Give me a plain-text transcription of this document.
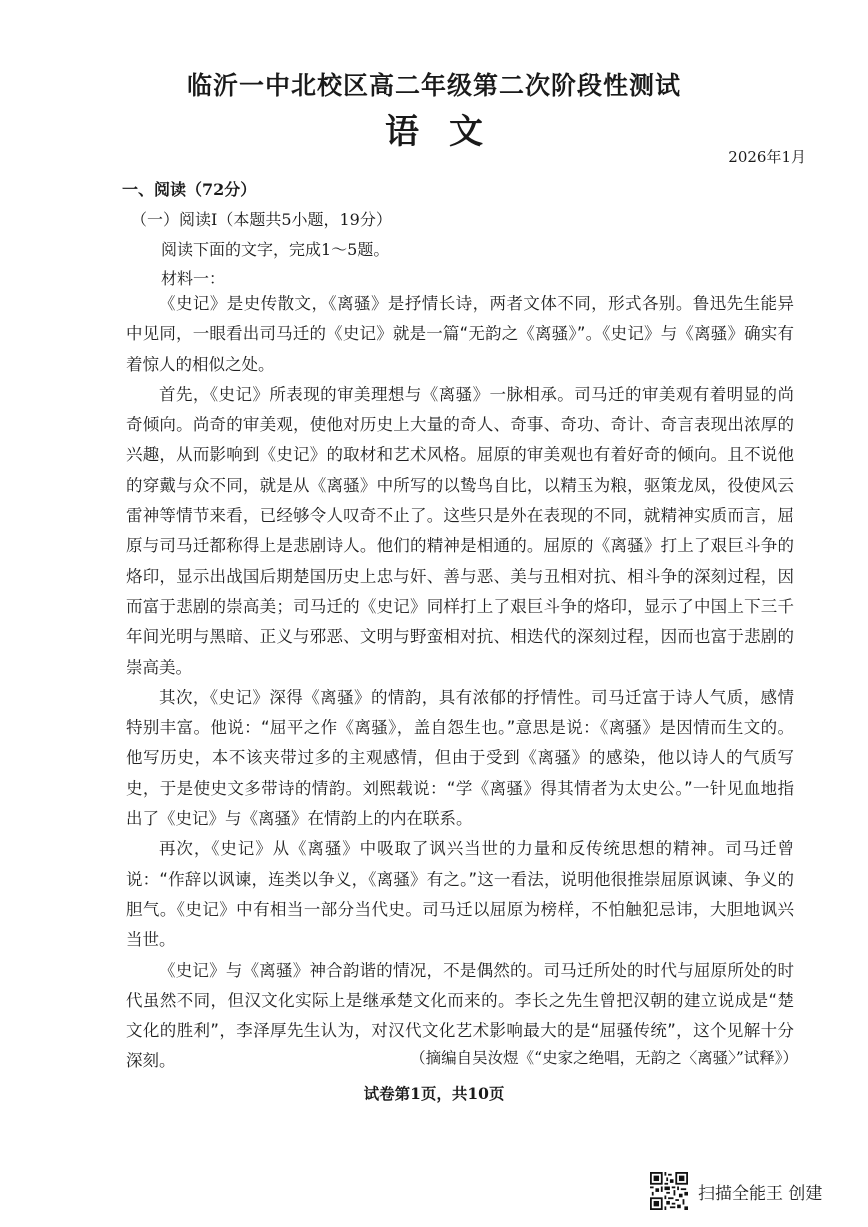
临沂一中北校区高二年级第二次阶段性测试
语文
2026年1月
一、阅读（72分）
（一）阅读Ⅰ（本题共5小题，19分）
阅读下面的文字，完成1～5题。
材料一：

《史记》是史传散文，《离骚》是抒情长诗，两者文体不同，形式各别。鲁迅先生能异中见同，一眼看出司马迁的《史记》就是一篇“无韵之《离骚》”。《史记》与《离骚》确实有着惊人的相似之处。

首先，《史记》所表现的审美理想与《离骚》一脉相承。司马迁的审美观有着明显的尚奇倾向。尚奇的审美观，使他对历史上大量的奇人、奇事、奇功、奇计、奇言表现出浓厚的兴趣，从而影响到《史记》的取材和艺术风格。屈原的审美观也有着好奇的倾向。且不说他的穿戴与众不同，就是从《离骚》中所写的以鸷鸟自比，以精玉为粮，驱策龙凤，役使风云雷神等情节来看，已经够令人叹奇不止了。这些只是外在表现的不同，就精神实质而言，屈原与司马迁都称得上是悲剧诗人。他们的精神是相通的。屈原的《离骚》打上了艰巨斗争的烙印，显示出战国后期楚国历史上忠与奸、善与恶、美与丑相对抗、相斗争的深刻过程，因而富于悲剧的崇高美；司马迁的《史记》同样打上了艰巨斗争的烙印，显示了中国上下三千年间光明与黑暗、正义与邪恶、文明与野蛮相对抗、相迭代的深刻过程，因而也富于悲剧的崇高美。

其次，《史记》深得《离骚》的情韵，具有浓郁的抒情性。司马迁富于诗人气质，感情特别丰富。他说：“屈平之作《离骚》，盖自怨生也。”意思是说：《离骚》是因情而生文的。他写历史，本不该夹带过多的主观感情，但由于受到《离骚》的感染，他以诗人的气质写史，于是使史文多带诗的情韵。刘熙载说：“学《离骚》得其情者为太史公。”一针见血地指出了《史记》与《离骚》在情韵上的内在联系。

再次，《史记》从《离骚》中吸取了讽兴当世的力量和反传统思想的精神。司马迁曾说：“作辞以讽谏，连类以争义，《离骚》有之。”这一看法，说明他很推崇屈原讽谏、争义的胆气。《史记》中有相当一部分当代史。司马迁以屈原为榜样，不怕触犯忌讳，大胆地讽兴当世。

《史记》与《离骚》神合韵谐的情况，不是偶然的。司马迁所处的时代与屈原所处的时代虽然不同，但汉文化实际上是继承楚文化而来的。李长之先生曾把汉朝的建立说成是“楚文化的胜利”，李泽厚先生认为，对汉代文化艺术影响最大的是“屈骚传统”，这个见解十分深刻。	（摘编自吴汝煜《“史家之绝唱，无韵之〈离骚〉”试释》）
试卷第1页，共10页
扫描全能王 创建
